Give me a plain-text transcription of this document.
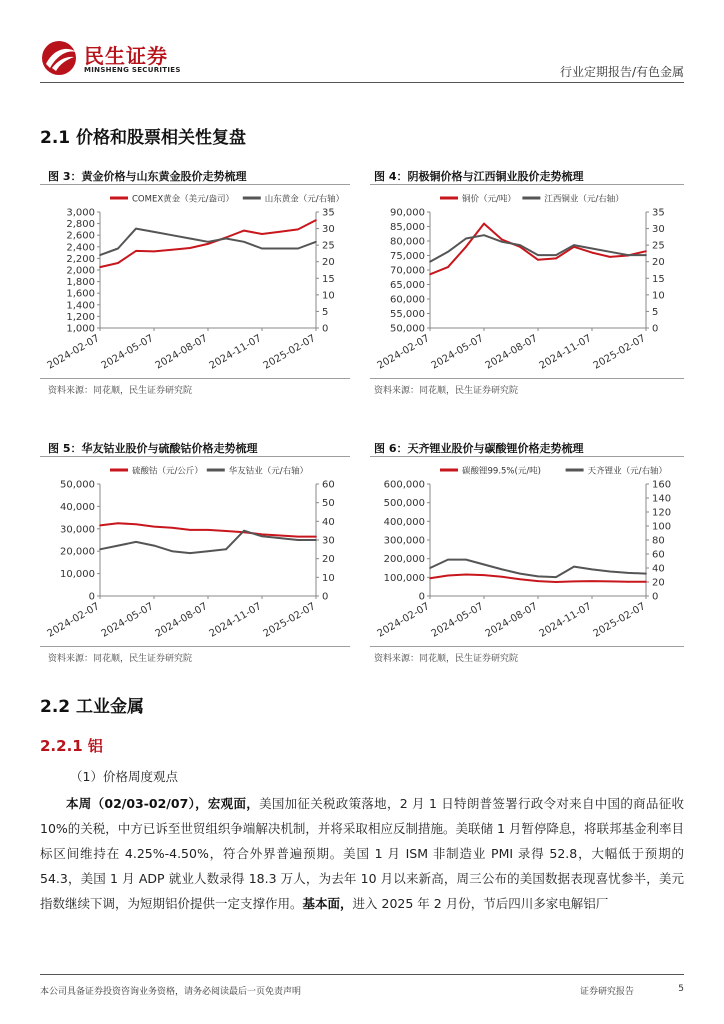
民生证券
MINSHENG SECURITIES	行业定期报告/有色金属
2.1 价格和股票相关性复盘
图 3：黄金价格与山东黄金股价走势梳理	图 4：阴极铜价格与江西铜业股价走势梳理
1,000
1,200
1,400
1,600
1,800
2,000
2,200
2,400
2,600
2,800
3,000
0
5
10
15
20
25
30
35
2024-02-07
2024-05-07
2024-08-07
2024-11-07
2025-02-07
COMEX黄金（美元/盎司）	山东黄金（元/右轴）
50,000
55,000
60,000
65,000
70,000
75,000
80,000
85,000
90,000
0
5
10
15
20
25
30
35
2024-02-07
2024-05-07
2024-08-07
2024-11-07
2025-02-07
铜价（元/吨）	江西铜业（元/右轴）
资料来源：同花顺，民生证券研究院	资料来源：同花顺，民生证券研究院
图 5：华友钴业股价与硫酸钴价格走势梳理	图 6：天齐锂业股价与碳酸锂价格走势梳理
0
10,000
20,000
30,000
40,000
50,000
0
10
20
30
40
50
60
2024-02-07
2024-05-07
2024-08-07
2024-11-07
2025-02-07
硫酸钴（元/公斤）	华友钴业（元/右轴）
0
100,000
200,000
300,000
400,000
500,000
600,000
0
20
40
60
80
100
120
140
160
2024-02-07
2024-05-07
2024-08-07
2024-11-07
2025-02-07
碳酸锂99.5%(元/吨)	天齐锂业（元/右轴）
资料来源：同花顺，民生证券研究院	资料来源：同花顺，民生证券研究院
2.2 工业金属
2.2.1 铝
（1）价格周度观点
本周（02/03-02/07），宏观面，美国加征关税政策落地，2 月 1 日特朗普签署行政令对来自中国的商品征收 10%的关税，中方已诉至世贸组织争端解决机制，并将采取相应反制措施。美联储 1 月暂停降息，将联邦基金利率目标区间维持在 4.25%-4.50%，符合外界普遍预期。美国 1 月 ISM 非制造业 PMI 录得 52.8，大幅低于预期的 54.3，美国 1 月 ADP 就业人数录得 18.3 万人，为去年 10 月以来新高，周三公布的美国数据表现喜忧参半，美元指数继续下调，为短期铝价提供一定支撑作用。基本面，进入 2025 年 2 月份，节后四川多家电解铝厂
本公司具备证券投资咨询业务资格，请务必阅读最后一页免责声明	证券研究报告	5
